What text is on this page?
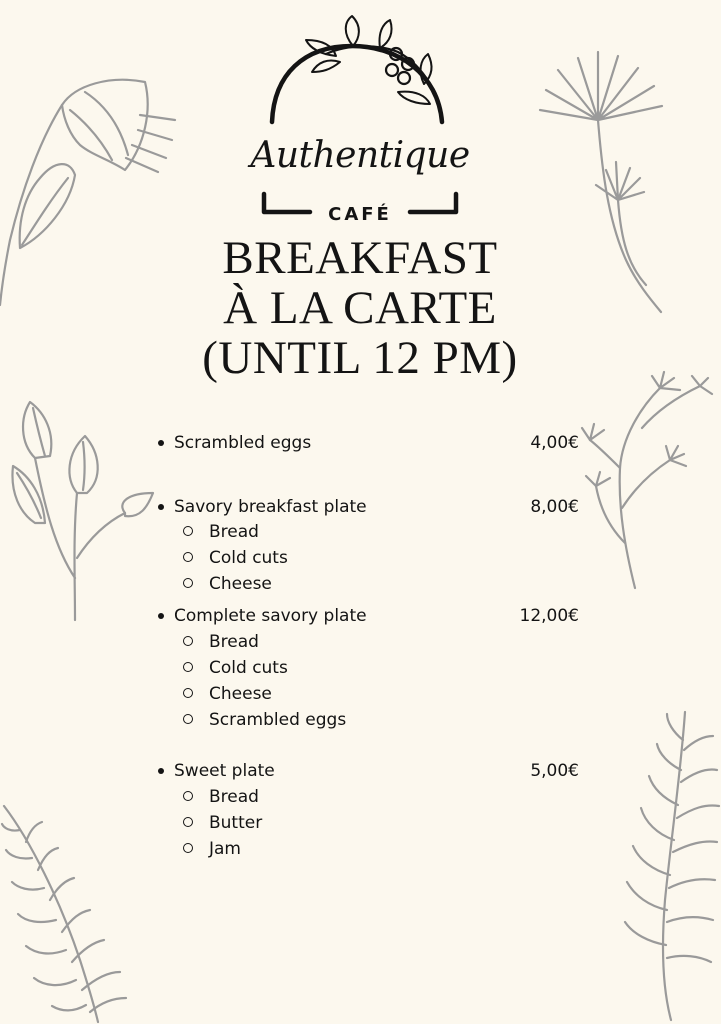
Authentique
CAFÉ
BREAKFAST
À LA CARTE
(UNTIL 12 PM)
Scrambled eggs	4,00€
Savory breakfast plate	8,00€
Bread
Cold cuts
Cheese
Complete savory plate	12,00€
Bread
Cold cuts
Cheese
Scrambled eggs
Sweet plate	5,00€
Bread
Butter
Jam
